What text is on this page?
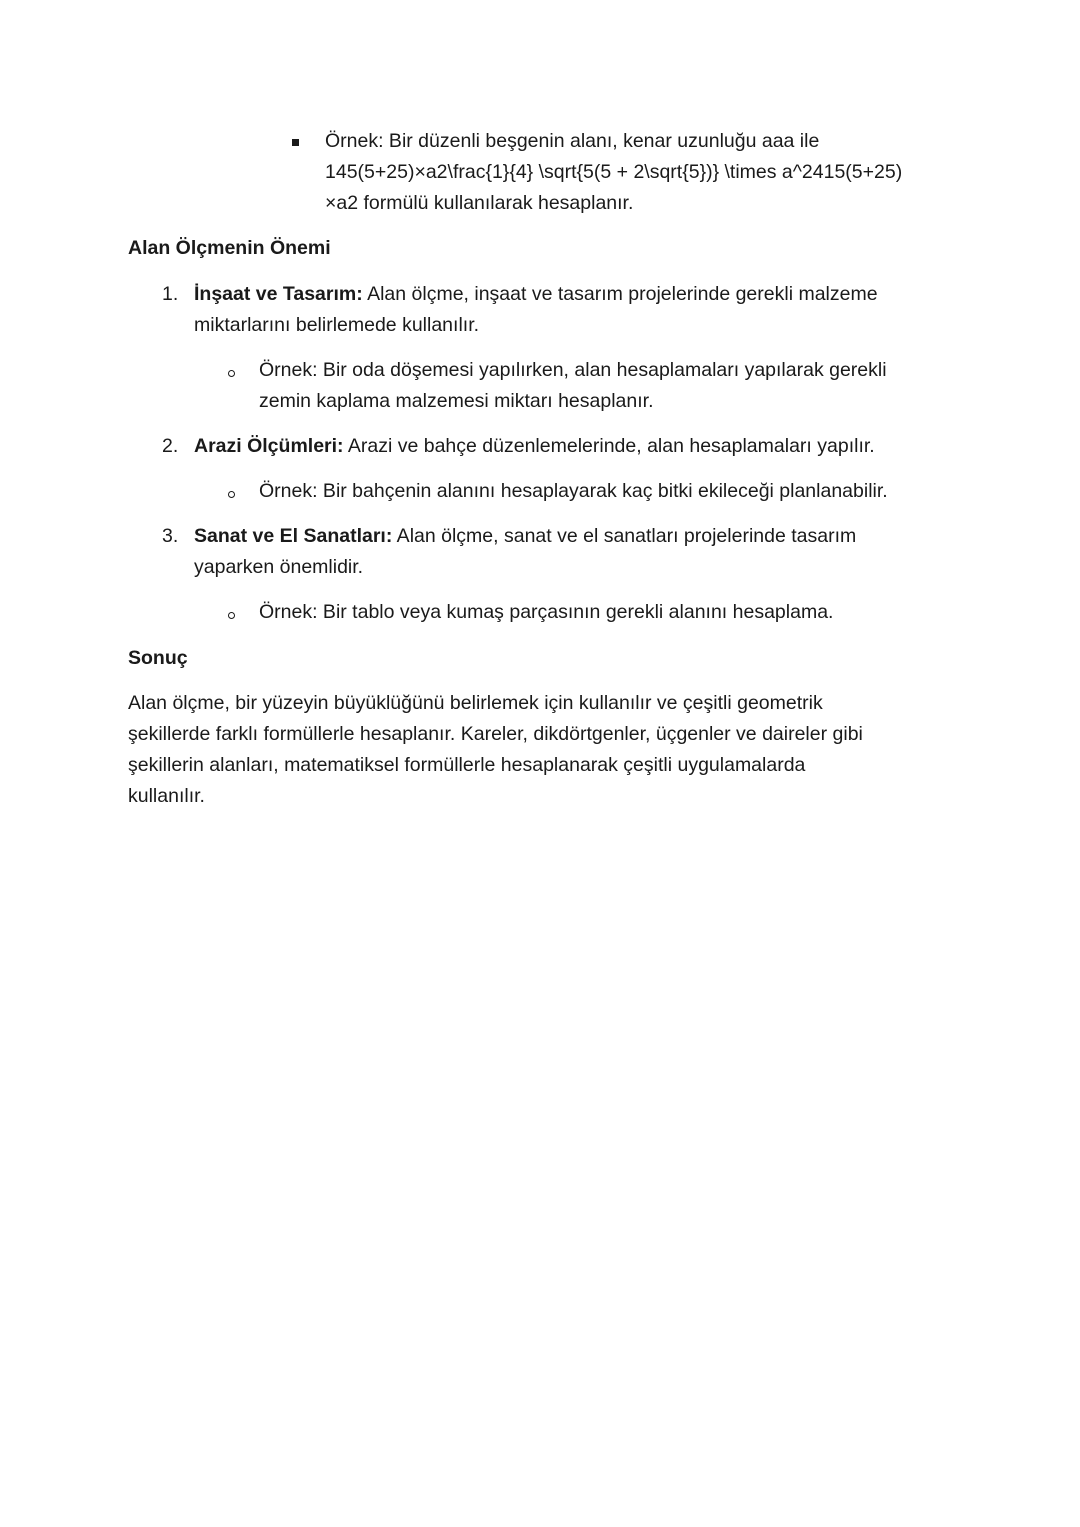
Örnek: Bir düzenli beşgenin alanı, kenar uzunluğu aaa ile
145(5+25)×a2\frac{1}{4} \sqrt{5(5 + 2\sqrt{5})} \times a^2415(5+25)
×a2 formülü kullanılarak hesaplanır.
Alan Ölçmenin Önemi
1. İnşaat ve Tasarım: Alan ölçme, inşaat ve tasarım projelerinde gerekli malzeme
miktarlarını belirlemede kullanılır.
Örnek: Bir oda döşemesi yapılırken, alan hesaplamaları yapılarak gerekli
zemin kaplama malzemesi miktarı hesaplanır.
2. Arazi Ölçümleri: Arazi ve bahçe düzenlemelerinde, alan hesaplamaları yapılır.
Örnek: Bir bahçenin alanını hesaplayarak kaç bitki ekileceği planlanabilir.
3. Sanat ve El Sanatları: Alan ölçme, sanat ve el sanatları projelerinde tasarım
yaparken önemlidir.
Örnek: Bir tablo veya kumaş parçasının gerekli alanını hesaplama.
Sonuç
Alan ölçme, bir yüzeyin büyüklüğünü belirlemek için kullanılır ve çeşitli geometrik
şekillerde farklı formüllerle hesaplanır. Kareler, dikdörtgenler, üçgenler ve daireler gibi
şekillerin alanları, matematiksel formüllerle hesaplanarak çeşitli uygulamalarda
kullanılır.
